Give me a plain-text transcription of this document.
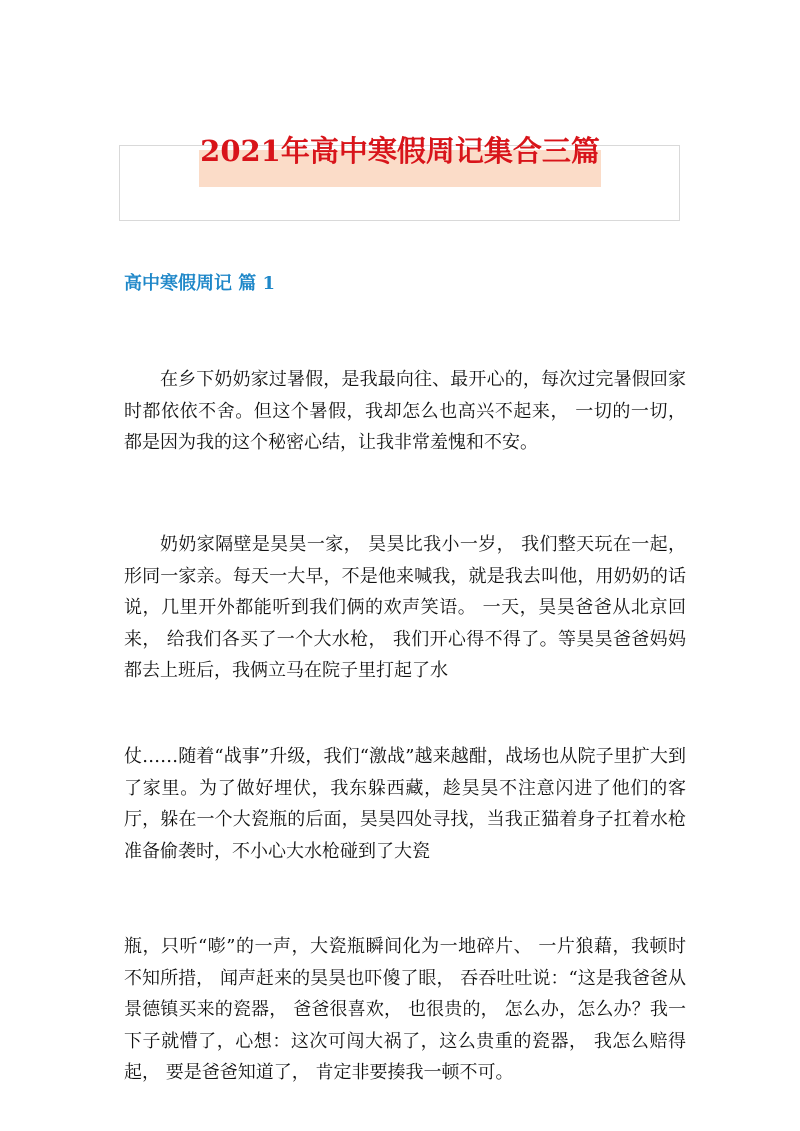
2021年高中寒假周记集合三篇
高中寒假周记 篇 1

在乡下奶奶家过暑假，是我最向往、最开心的，每次过完暑假回家时都依依不舍。但这个暑假，我却怎么也高兴不起来， 一切的一切，都是因为我的这个秘密心结，让我非常羞愧和不安。

奶奶家隔壁是昊昊一家， 昊昊比我小一岁， 我们整天玩在一起，形同一家亲。每天一大早，不是他来喊我，就是我去叫他，用奶奶的话说，几里开外都能听到我们俩的欢声笑语。 一天，昊昊爸爸从北京回来， 给我们各买了一个大水枪， 我们开心得不得了。等昊昊爸爸妈妈都去上班后，我俩立马在院子里打起了水

仗……随着“战事”升级，我们“激战”越来越酣，战场也从院子里扩大到了家里。为了做好埋伏，我东躲西藏，趁昊昊不注意闪进了他们的客厅，躲在一个大瓷瓶的后面，昊昊四处寻找，当我正猫着身子扛着水枪准备偷袭时，不小心大水枪碰到了大瓷

瓶，只听“嘭”的一声，大瓷瓶瞬间化为一地碎片、 一片狼藉，我顿时不知所措， 闻声赶来的昊昊也吓傻了眼， 吞吞吐吐说：“这是我爸爸从景德镇买来的瓷器， 爸爸很喜欢， 也很贵的， 怎么办，怎么办？我一下子就懵了，心想：这次可闯大祸了，这么贵重的瓷器， 我怎么赔得起， 要是爸爸知道了， 肯定非要揍我一顿不可。
